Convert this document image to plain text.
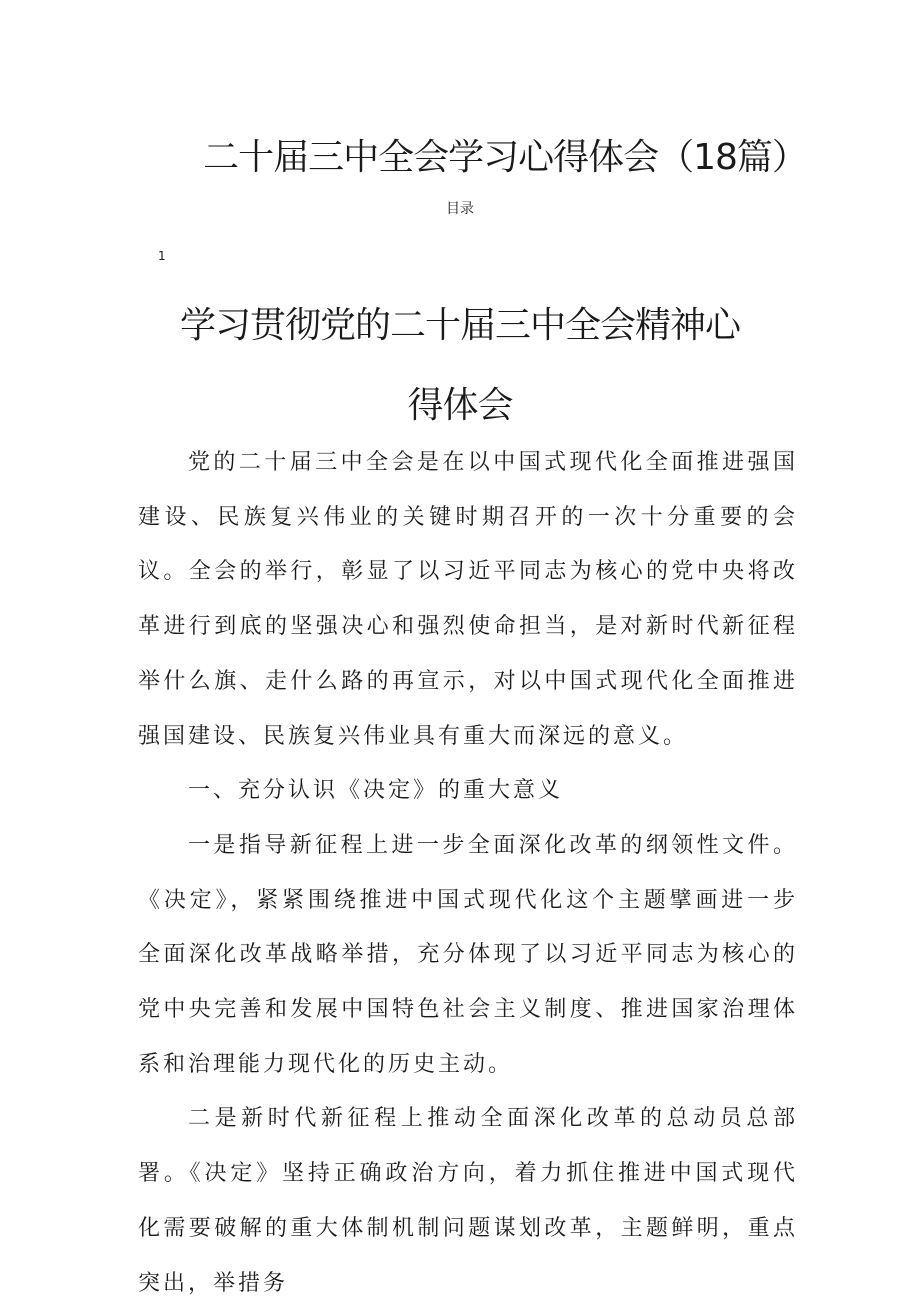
二十届三中全会学习心得体会（18篇）
目录
1
学习贯彻党的二十届三中全会精神心
得体会

党的二十届三中全会是在以中国式现代化全面推进强国建设、民族复兴伟业的关键时期召开的一次十分重要的会议。全会的举行，彰显了以习近平同志为核心的党中央将改革进行到底的坚强决心和强烈使命担当，是对新时代新征程举什么旗、走什么路的再宣示，对以中国式现代化全面推进强国建设、民族复兴伟业具有重大而深远的意义。

一、充分认识《决定》的重大意义

一是指导新征程上进一步全面深化改革的纲领性文件。《决定》，紧紧围绕推进中国式现代化这个主题擘画进一步全面深化改革战略举措，充分体现了以习近平同志为核心的党中央完善和发展中国特色社会主义制度、推进国家治理体系和治理能力现代化的历史主动。

二是新时代新征程上推动全面深化改革的总动员总部署。《决定》坚持正确政治方向，着力抓住推进中国式现代化需要破解的重大体制机制问题谋划改革，主题鲜明，重点突出，举措务
